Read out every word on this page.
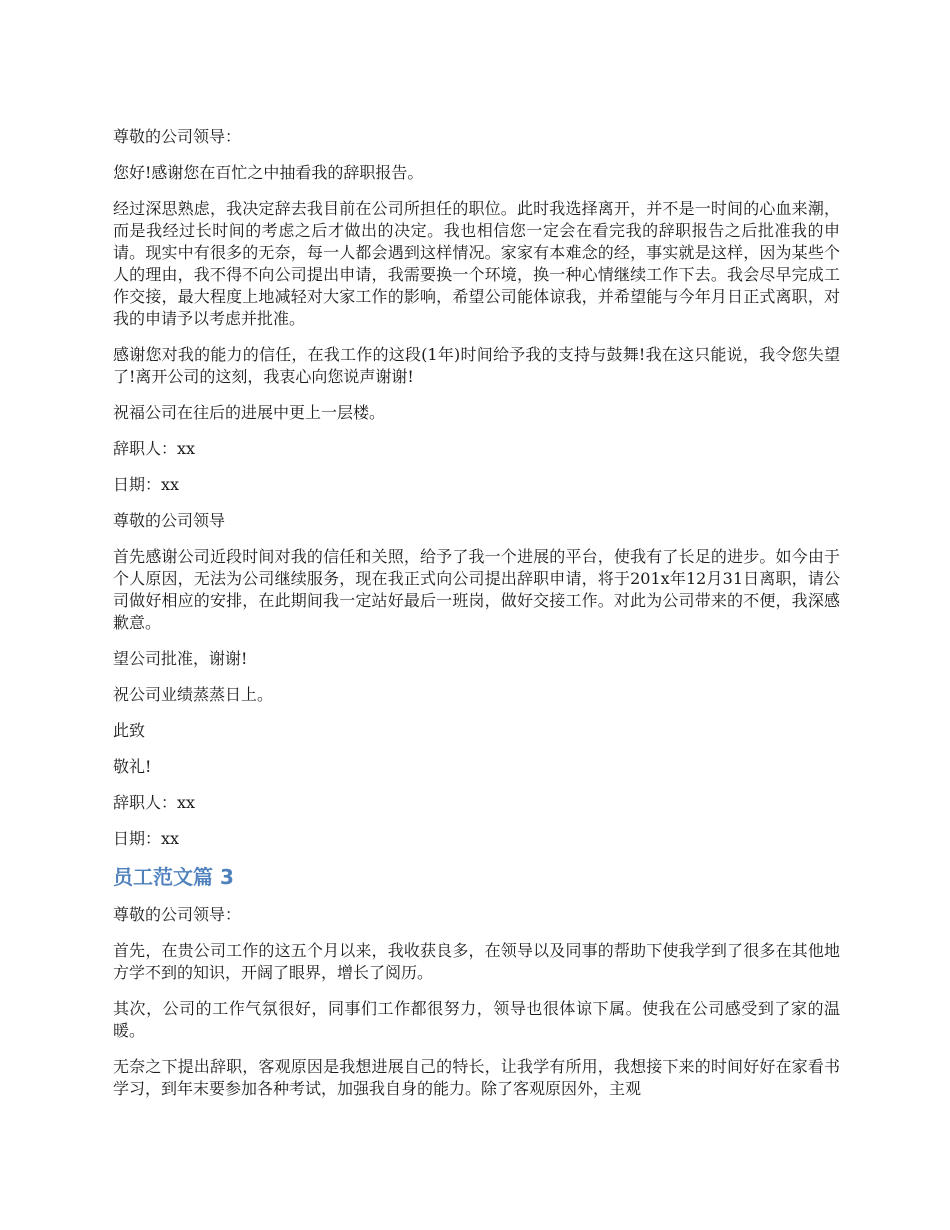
尊敬的公司领导：

您好!感谢您在百忙之中抽看我的辞职报告。

经过深思熟虑，我决定辞去我目前在公司所担任的职位。此时我选择离开，并不是一时间的心血来潮，而是我经过长时间的考虑之后才做出的决定。我也相信您一定会在看完我的辞职报告之后批准我的申请。现实中有很多的无奈，每一人都会遇到这样情况。家家有本难念的经，事实就是这样，因为某些个人的理由，我不得不向公司提出申请，我需要换一个环境，换一种心情继续工作下去。我会尽早完成工作交接，最大程度上地减轻对大家工作的影响，希望公司能体谅我，并希望能与今年月日正式离职，对我的申请予以考虑并批准。

感谢您对我的能力的信任，在我工作的这段(1年)时间给予我的支持与鼓舞!我在这只能说，我令您失望了!离开公司的这刻，我衷心向您说声谢谢!

祝福公司在往后的进展中更上一层楼。

辞职人：xx

日期：xx

尊敬的公司领导

首先感谢公司近段时间对我的信任和关照，给予了我一个进展的平台，使我有了长足的进步。如今由于个人原因，无法为公司继续服务，现在我正式向公司提出辞职申请，将于201x年12月31日离职，请公司做好相应的安排，在此期间我一定站好最后一班岗，做好交接工作。对此为公司带来的不便，我深感歉意。

望公司批准，谢谢!

祝公司业绩蒸蒸日上。

此致

敬礼!

辞职人：xx

日期：xx

员工范文篇 3

尊敬的公司领导：

首先，在贵公司工作的这五个月以来，我收获良多，在领导以及同事的帮助下使我学到了很多在其他地方学不到的知识，开阔了眼界，增长了阅历。

其次，公司的工作气氛很好，同事们工作都很努力，领导也很体谅下属。使我在公司感受到了家的温暖。

无奈之下提出辞职，客观原因是我想进展自己的特长，让我学有所用，我想接下来的时间好好在家看书学习，到年末要参加各种考试，加强我自身的能力。除了客观原因外，主观
